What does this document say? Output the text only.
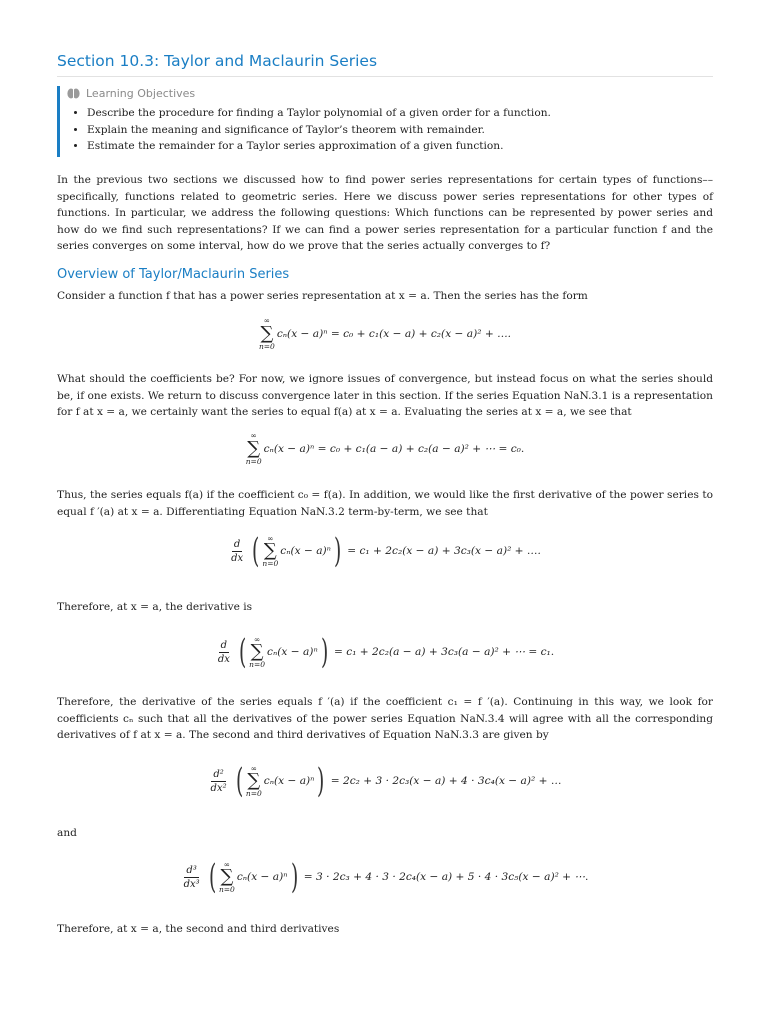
Section 10.3: Taylor and Maclaurin Series
Learning Objectives
• Describe the procedure for finding a Taylor polynomial of a given order for a function.
• Explain the meaning and significance of Taylor’s theorem with remainder.
• Estimate the remainder for a Taylor series approximation of a given function.

In the previous two sections we discussed how to find power series representations for certain types of functions––specifically, functions related to geometric series. Here we discuss power series representations for other types of functions. In particular, we address the following questions: Which functions can be represented by power series and how do we find such representations? If we can find a power series representation for a particular function f and the series converges on some interval, how do we prove that the series actually converges to f?

Overview of Taylor/Maclaurin Series

Consider a function f that has a power series representation at x = a. Then the series has the form

∞
∑
n=0
cₙ(x − a)ⁿ = c₀ + c₁(x − a) + c₂(x − a)² + ….

What should the coefficients be? For now, we ignore issues of convergence, but instead focus on what the series should be, if one exists. We return to discuss convergence later in this section. If the series Equation NaN.3.1 is a representation for f at x = a, we certainly want the series to equal f(a) at x = a. Evaluating the series at x = a, we see that

∞
∑
n=0
cₙ(x − a)ⁿ = c₀ + c₁(a − a) + c₂(a − a)² + ⋯ = c₀.

Thus, the series equals f(a) if the coefficient c₀ = f(a). In addition, we would like the first derivative of the power series to equal f ′(a) at x = a. Differentiating Equation NaN.3.2 term-by-term, we see that

$\frac{d}{dx}$ ( ∞
∑
n=0
cₙ(x − a)ⁿ ) = c₁ + 2c₂(x − a) + 3c₃(x − a)² + ….

Therefore, at x = a, the derivative is

$\frac{d}{dx}$ ( ∞
∑
n=0
cₙ(x − a)ⁿ ) = c₁ + 2c₂(a − a) + 3c₃(a − a)² + ⋯ = c₁.

Therefore, the derivative of the series equals f ′(a) if the coefficient c₁ = f ′(a). Continuing in this way, we look for coefficients cₙ such that all the derivatives of the power series Equation NaN.3.4 will agree with all the corresponding derivatives of f at x = a. The second and third derivatives of Equation NaN.3.3 are given by

$\frac{\text{d²}}{\text{dx²}}$ ( ∞
∑
n=0
cₙ(x − a)ⁿ ) = 2c₂ + 3 · 2c₃(x − a) + 4 · 3c₄(x − a)² + …

and

$\frac{\text{d³}}{\text{dx³}}$ ( ∞
∑
n=0
cₙ(x − a)ⁿ ) = 3 · 2c₃ + 4 · 3 · 2c₄(x − a) + 5 · 4 · 3c₅(x − a)² + ⋯.

Therefore, at x = a, the second and third derivatives
